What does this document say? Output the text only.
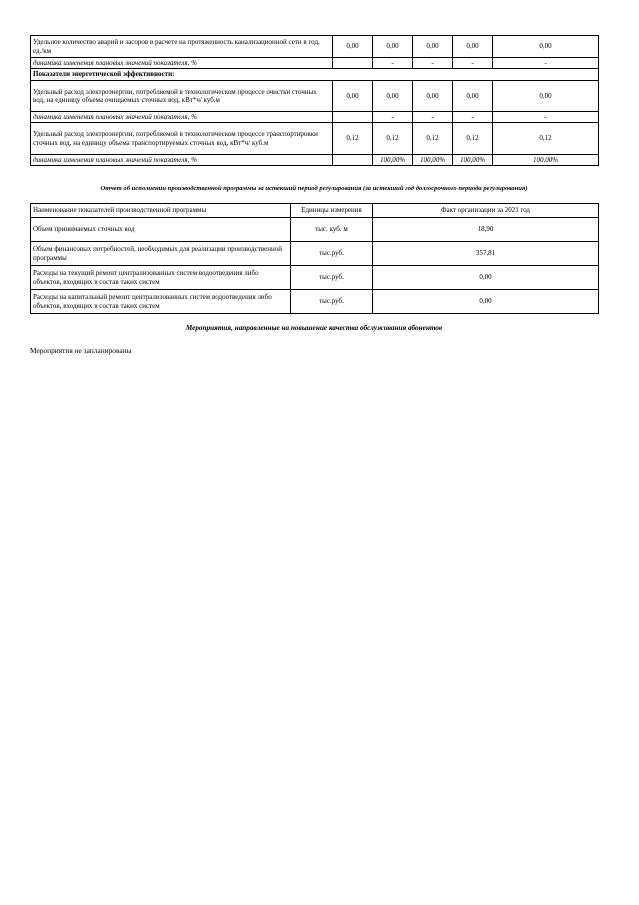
Удельное количество аварий и засоров в расчете на протяженность канализационной сети в год, ед./км	0,00	0,00	0,00	0,00	0,00
динамика изменения плановых значений показателя, %		-	-	-	-
Показатели энергетической эффективности:					
Удельный расход электроэнергии, потребляемой в технологическом процессе очистки сточных вод, на единицу объема очищаемых сточных вод, кВт*ч/ куб.м	0,00	0,00	0,00	0,00	0,00
динамика изменения плановых значений показателя, %		-	-	-	-
Удельный расход электроэнергии, потребляемой в технологическом процессе транспортировки сточных вод, на единицу объема транспортируемых сточных вод, кВт*ч/ куб.м	0,12	0,12	0,12	0,12	0,12
динамика изменения плановых значений показателя, %		100,00%	100,00%	100,00%	100,00%
Отчет об исполнении производственной программы за истекший период регулирования (за истекший год долгосрочного периода регулирования)
Наименование показателей производственной программы	Единицы измерения	Факт организации за 2021 год
Объем принимаемых сточных вод	тыс. куб. м	18,90
Объем финансовых потребностей, необходимых для реализации производственной программы	тыс.руб.	357,81
Расходы на текущий ремонт централизованных систем водоотведения либо объектов, входящих в состав таких систем	тыс.руб.	0,00
Расходы на капитальный ремонт централизованных систем водоотведения либо объектов, входящих в состав таких систем	тыс.руб.	0,00
Мероприятия, направленные на повышение качества обслуживания абонентов
Мероприятия не запланированы
